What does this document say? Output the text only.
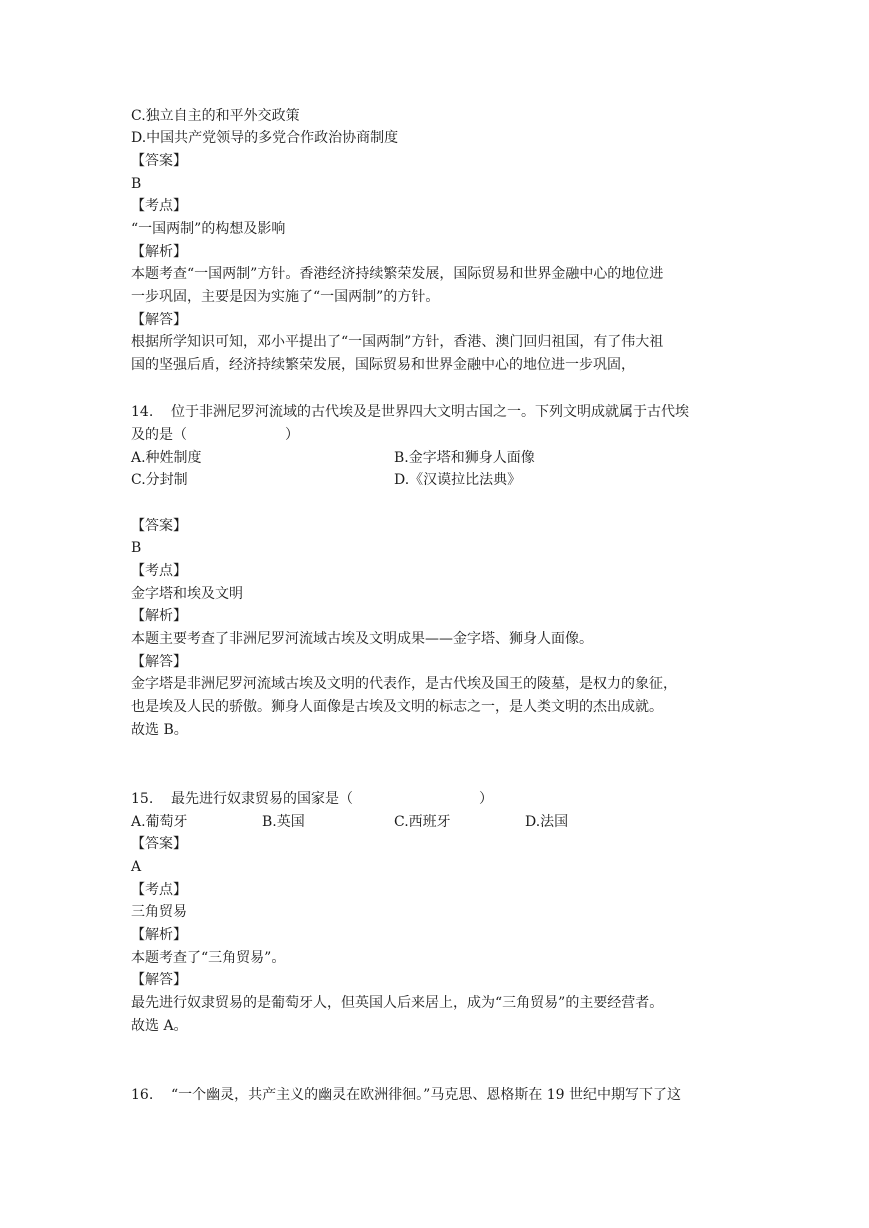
C.独立自主的和平外交政策
D.中国共产党领导的多党合作政治协商制度
【答案】
B
【考点】
“一国两制”的构想及影响
【解析】
本题考查“一国两制”方针。香港经济持续繁荣发展，国际贸易和世界金融中心的地位进
一步巩固，主要是因为实施了“一国两制”的方针。
【解答】
根据所学知识可知，邓小平提出了“一国两制”方针，香港、澳门回归祖国，有了伟大祖
国的坚强后盾，经济持续繁荣发展，国际贸易和世界金融中心的地位进一步巩固，
14. 位于非洲尼罗河流域的古代埃及是世界四大文明古国之一。下列文明成就属于古代埃
及的是（　　　　　　　）
A.种姓制度	B.金字塔和狮身人面像
C.分封制	D.《汉谟拉比法典》
【答案】
B
【考点】
金字塔和埃及文明
【解析】
本题主要考查了非洲尼罗河流域古埃及文明成果——金字塔、狮身人面像。
【解答】
金字塔是非洲尼罗河流域古埃及文明的代表作，是古代埃及国王的陵墓，是权力的象征，
也是埃及人民的骄傲。狮身人面像是古埃及文明的标志之一，是人类文明的杰出成就。
故选 B。
15. 最先进行奴隶贸易的国家是（　　　　　　　　　）
A.葡萄牙	B.英国	C.西班牙	D.法国
【答案】
A
【考点】
三角贸易
【解析】
本题考查了“三角贸易”。
【解答】
最先进行奴隶贸易的是葡萄牙人，但英国人后来居上，成为“三角贸易”的主要经营者。
故选 A。
16. “一个幽灵，共产主义的幽灵在欧洲徘徊。”马克思、恩格斯在 19 世纪中期写下了这
